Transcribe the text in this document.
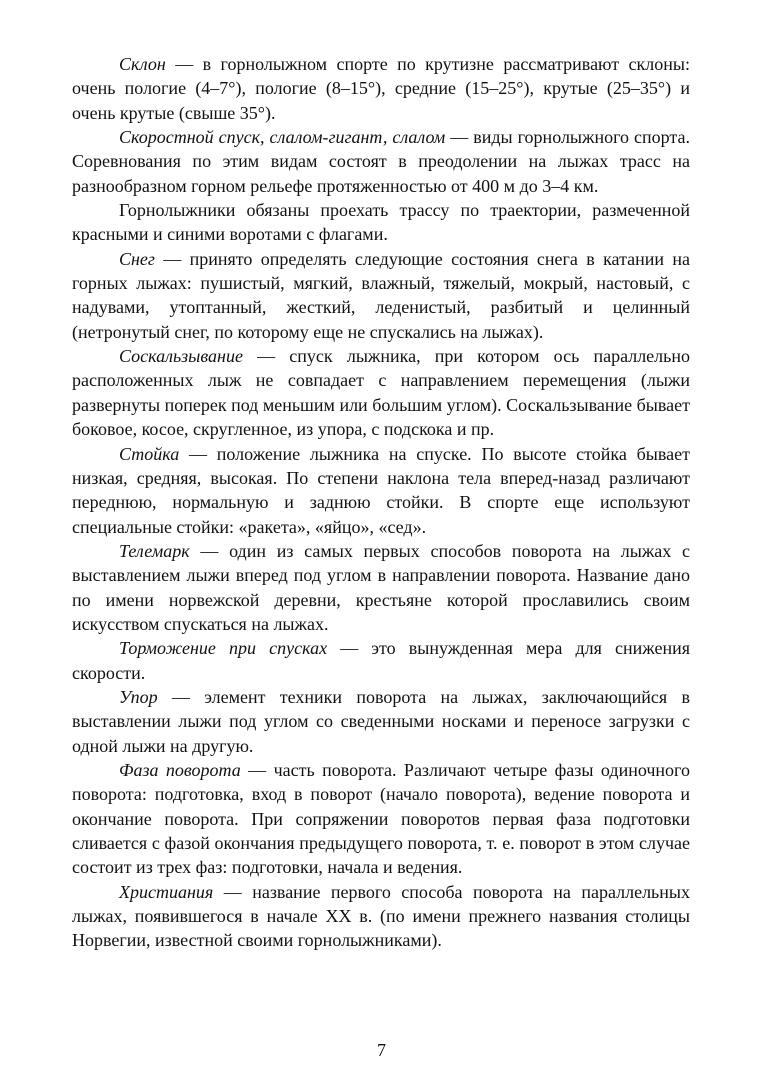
Склон — в горнолыжном спорте по крутизне рассматривают склоны: очень пологие (4–7°), пологие (8–15°), средние (15–25°), крутые (25–35°) и очень крутые (свыше 35°).

Скоростной спуск, слалом-гигант, слалом — виды горнолыжного спорта. Соревнования по этим видам состоят в преодолении на лыжах трасс на разнообразном горном рельефе протяженностью от 400 м до 3–4 км.

Горнолыжники обязаны проехать трассу по траектории, размеченной красными и синими воротами с флагами.

Снег — принято определять следующие состояния снега в катании на горных лыжах: пушистый, мягкий, влажный, тяжелый, мокрый, настовый, с надувами, утоптанный, жесткий, леденистый, разбитый и целинный (нетронутый снег, по которому еще не спускались на лыжах).

Соскальзывание — спуск лыжника, при котором ось параллельно расположенных лыж не совпадает с направлением перемещения (лыжи развернуты поперек под меньшим или большим углом). Соскальзывание бывает боковое, косое, скругленное, из упора, с подскока и пр.

Стойка — положение лыжника на спуске. По высоте стойка бывает низкая, средняя, высокая. По степени наклона тела вперед-назад различают переднюю, нормальную и заднюю стойки. В спорте еще используют специальные стойки: «ракета», «яйцо», «сед».

Телемарк — один из самых первых способов поворота на лыжах с выставлением лыжи вперед под углом в направлении поворота. Название дано по имени норвежской деревни, крестьяне которой прославились своим искусством спускаться на лыжах.

Торможение при спусках — это вынужденная мера для снижения скорости.

Упор — элемент техники поворота на лыжах, заключающийся в выставлении лыжи под углом со сведенными носками и переносе загрузки с одной лыжи на другую.

Фаза поворота — часть поворота. Различают четыре фазы одиночного поворота: подготовка, вход в поворот (начало поворота), ведение поворота и окончание поворота. При сопряжении поворотов первая фаза подготовки сливается с фазой окончания предыдущего поворота, т. е. поворот в этом случае состоит из трех фаз: подготовки, начала и ведения.

Христиания — название первого способа поворота на параллельных лыжах, появившегося в начале XX в. (по имени прежнего названия столицы Норвегии, известной своими горнолыжниками).

7
